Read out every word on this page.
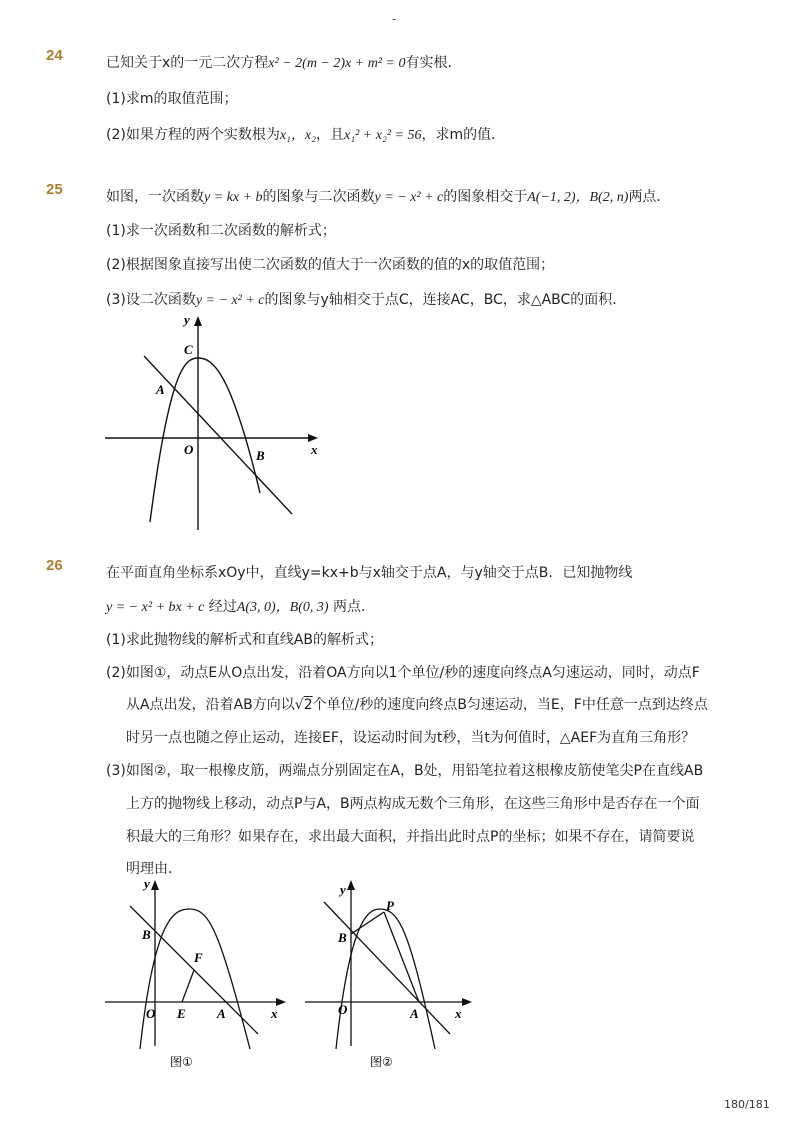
-
24	已知关于x的一元二次方程x² − 2(m − 2)x + m² = 0有实根．
(1)求m的取值范围；
(2)如果方程的两个实数根为x₁，x₂，且x₁² + x₂² = 56，求m的值．
25	如图，一次函数y = kx + b的图象与二次函数y = − x² + c的图象相交于A(−1, 2)，B(2, n)两点．
(1)求一次函数和二次函数的解析式；
(2)根据图象直接写出使二次函数的值大于一次函数的值的x的取值范围；
(3)设二次函数y = − x² + c的图象与y轴相交于点C，连接AC，BC，求△ABC的面积．
y
C
A
O	B	x
26	在平面直角坐标系xOy中，直线y=kx+b与x轴交于点A，与y轴交于点B．已知抛物线
y = − x² + bx + c 经过A(3, 0)，B(0, 3) 两点．
(1)求此抛物线的解析式和直线AB的解析式；
(2)如图①，动点E从O点出发，沿着OA方向以1个单位/秒的速度向终点A匀速运动，同时，动点F
从A点出发，沿着AB方向以√2个单位/秒的速度向终点B匀速运动，当E，F中任意一点到达终点
时另一点也随之停止运动，连接EF，设运动时间为t秒，当t为何值时，△AEF为直角三角形？
(3)如图②，取一根橡皮筋，两端点分别固定在A，B处，用铅笔拉着这根橡皮筋使笔尖P在直线AB
上方的抛物线上移动，动点P与A，B两点构成无数个三角形，在这些三角形中是否存在一个面
积最大的三角形？如果存在，求出最大面积，并指出此时点P的坐标；如果不存在，请简要说
明理由．
y
B
F
O E A	x
图①
y
P
B
O	A	x
图②
180/181
